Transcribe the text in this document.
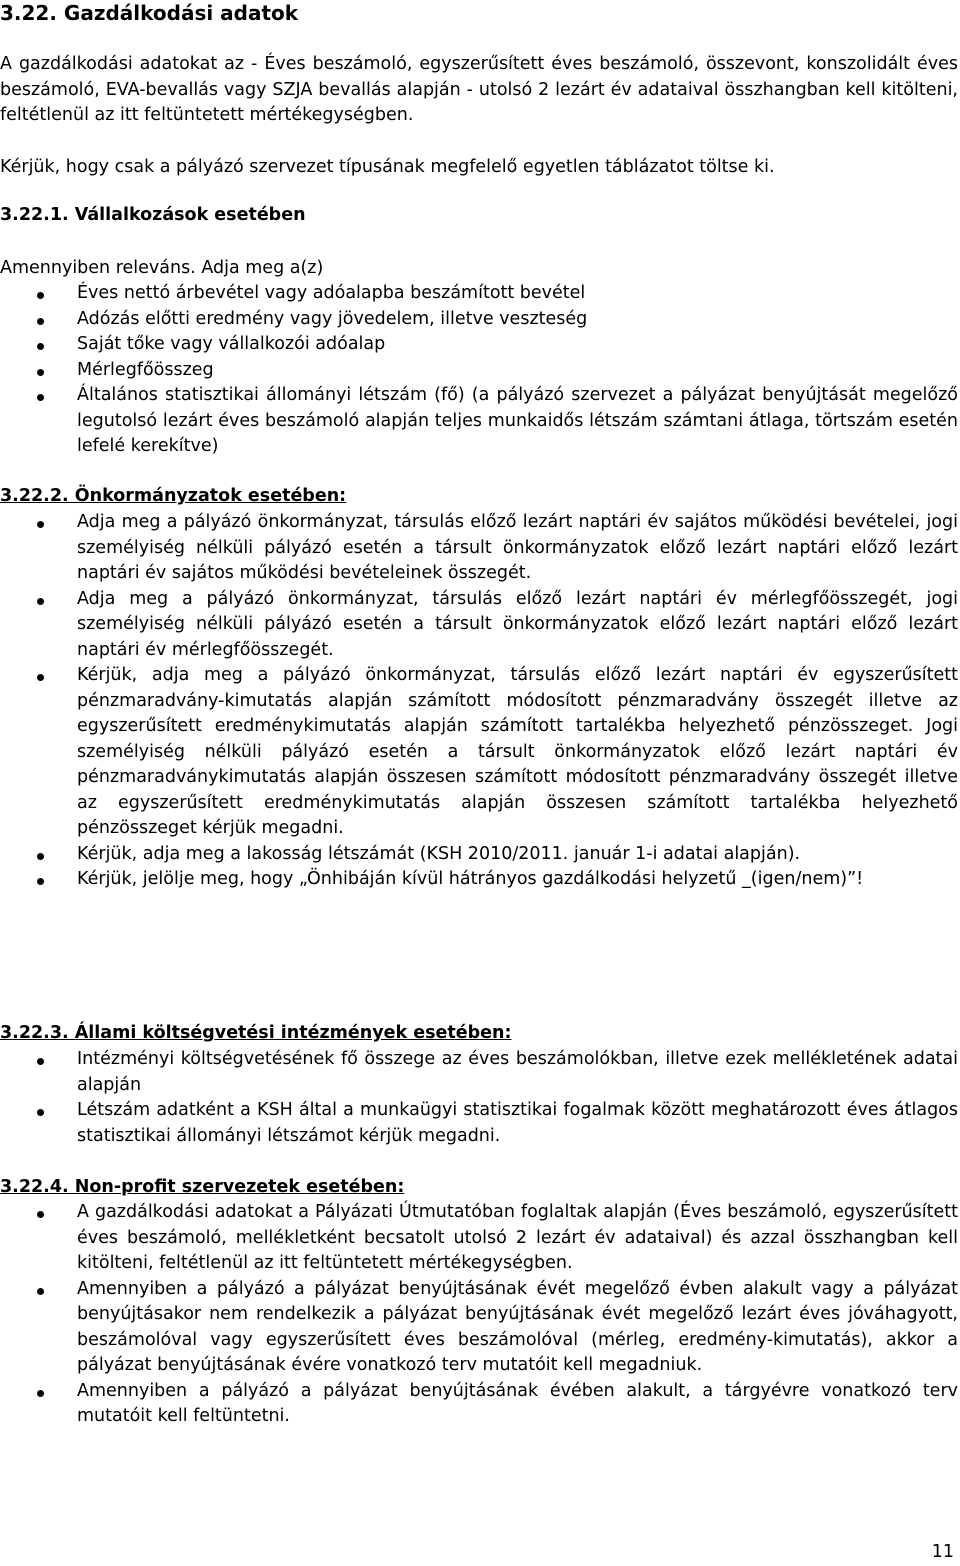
3.22. Gazdálkodási adatok

A gazdálkodási adatokat az - Éves beszámoló, egyszerűsített éves beszámoló, összevont, konszolidált éves beszámoló, EVA-bevallás vagy SZJA bevallás alapján - utolsó 2 lezárt év adataival összhangban kell kitölteni, feltétlenül az itt feltüntetett mértékegységben.

Kérjük, hogy csak a pályázó szervezet típusának megfelelő egyetlen táblázatot töltse ki.

3.22.1. Vállalkozások esetében

Amennyiben releváns. Adja meg a(z)

Éves nettó árbevétel vagy adóalapba beszámított bevétel
Adózás előtti eredmény vagy jövedelem, illetve veszteség
Saját tőke vagy vállalkozói adóalap
Mérlegfőösszeg
Általános statisztikai állományi létszám (fő) (a pályázó szervezet a pályázat benyújtását megelőző legutolsó lezárt éves beszámoló alapján teljes munkaidős létszám számtani átlaga, törtszám esetén lefelé kerekítve)

3.22.2. Önkormányzatok esetében:

Adja meg a pályázó önkormányzat, társulás előző lezárt naptári év sajátos működési bevételei, jogi személyiség nélküli pályázó esetén a társult önkormányzatok előző lezárt naptári előző lezárt naptári év sajátos működési bevételeinek összegét.
Adja meg a pályázó önkormányzat, társulás előző lezárt naptári év mérlegfőösszegét, jogi személyiség nélküli pályázó esetén a társult önkormányzatok előző lezárt naptári előző lezárt naptári év mérlegfőösszegét.
Kérjük, adja meg a pályázó önkormányzat, társulás előző lezárt naptári év egyszerűsített pénzmaradvány-kimutatás alapján számított módosított pénzmaradvány összegét illetve az egyszerűsített eredménykimutatás alapján számított tartalékba helyezhető pénzösszeget. Jogi személyiség nélküli pályázó esetén a társult önkormányzatok előző lezárt naptári év pénzmaradványkimutatás alapján összesen számított módosított pénzmaradvány összegét illetve az egyszerűsített eredménykimutatás alapján összesen számított tartalékba helyezhető pénzösszeget kérjük megadni.
Kérjük, adja meg a lakosság létszámát (KSH 2010/2011. január 1-i adatai alapján).
Kérjük, jelölje meg, hogy „Önhibáján kívül hátrányos gazdálkodási helyzetű _(igen/nem)”!

3.22.3. Állami költségvetési intézmények esetében:

Intézményi költségvetésének fő összege az éves beszámolókban, illetve ezek mellékletének adatai alapján
Létszám adatként a KSH által a munkaügyi statisztikai fogalmak között meghatározott éves átlagos statisztikai állományi létszámot kérjük megadni.

3.22.4. Non-profit szervezetek esetében:

A gazdálkodási adatokat a Pályázati Útmutatóban foglaltak alapján (Éves beszámoló, egyszerűsített éves beszámoló, mellékletként becsatolt utolsó 2 lezárt év adataival) és azzal összhangban kell kitölteni, feltétlenül az itt feltüntetett mértékegységben.
Amennyiben a pályázó a pályázat benyújtásának évét megelőző évben alakult vagy a pályázat benyújtásakor nem rendelkezik a pályázat benyújtásának évét megelőző lezárt éves jóváhagyott, beszámolóval vagy egyszerűsített éves beszámolóval (mérleg, eredmény-kimutatás), akkor a pályázat benyújtásának évére vonatkozó terv mutatóit kell megadniuk.
Amennyiben a pályázó a pályázat benyújtásának évében alakult, a tárgyévre vonatkozó terv mutatóit kell feltüntetni.
11
